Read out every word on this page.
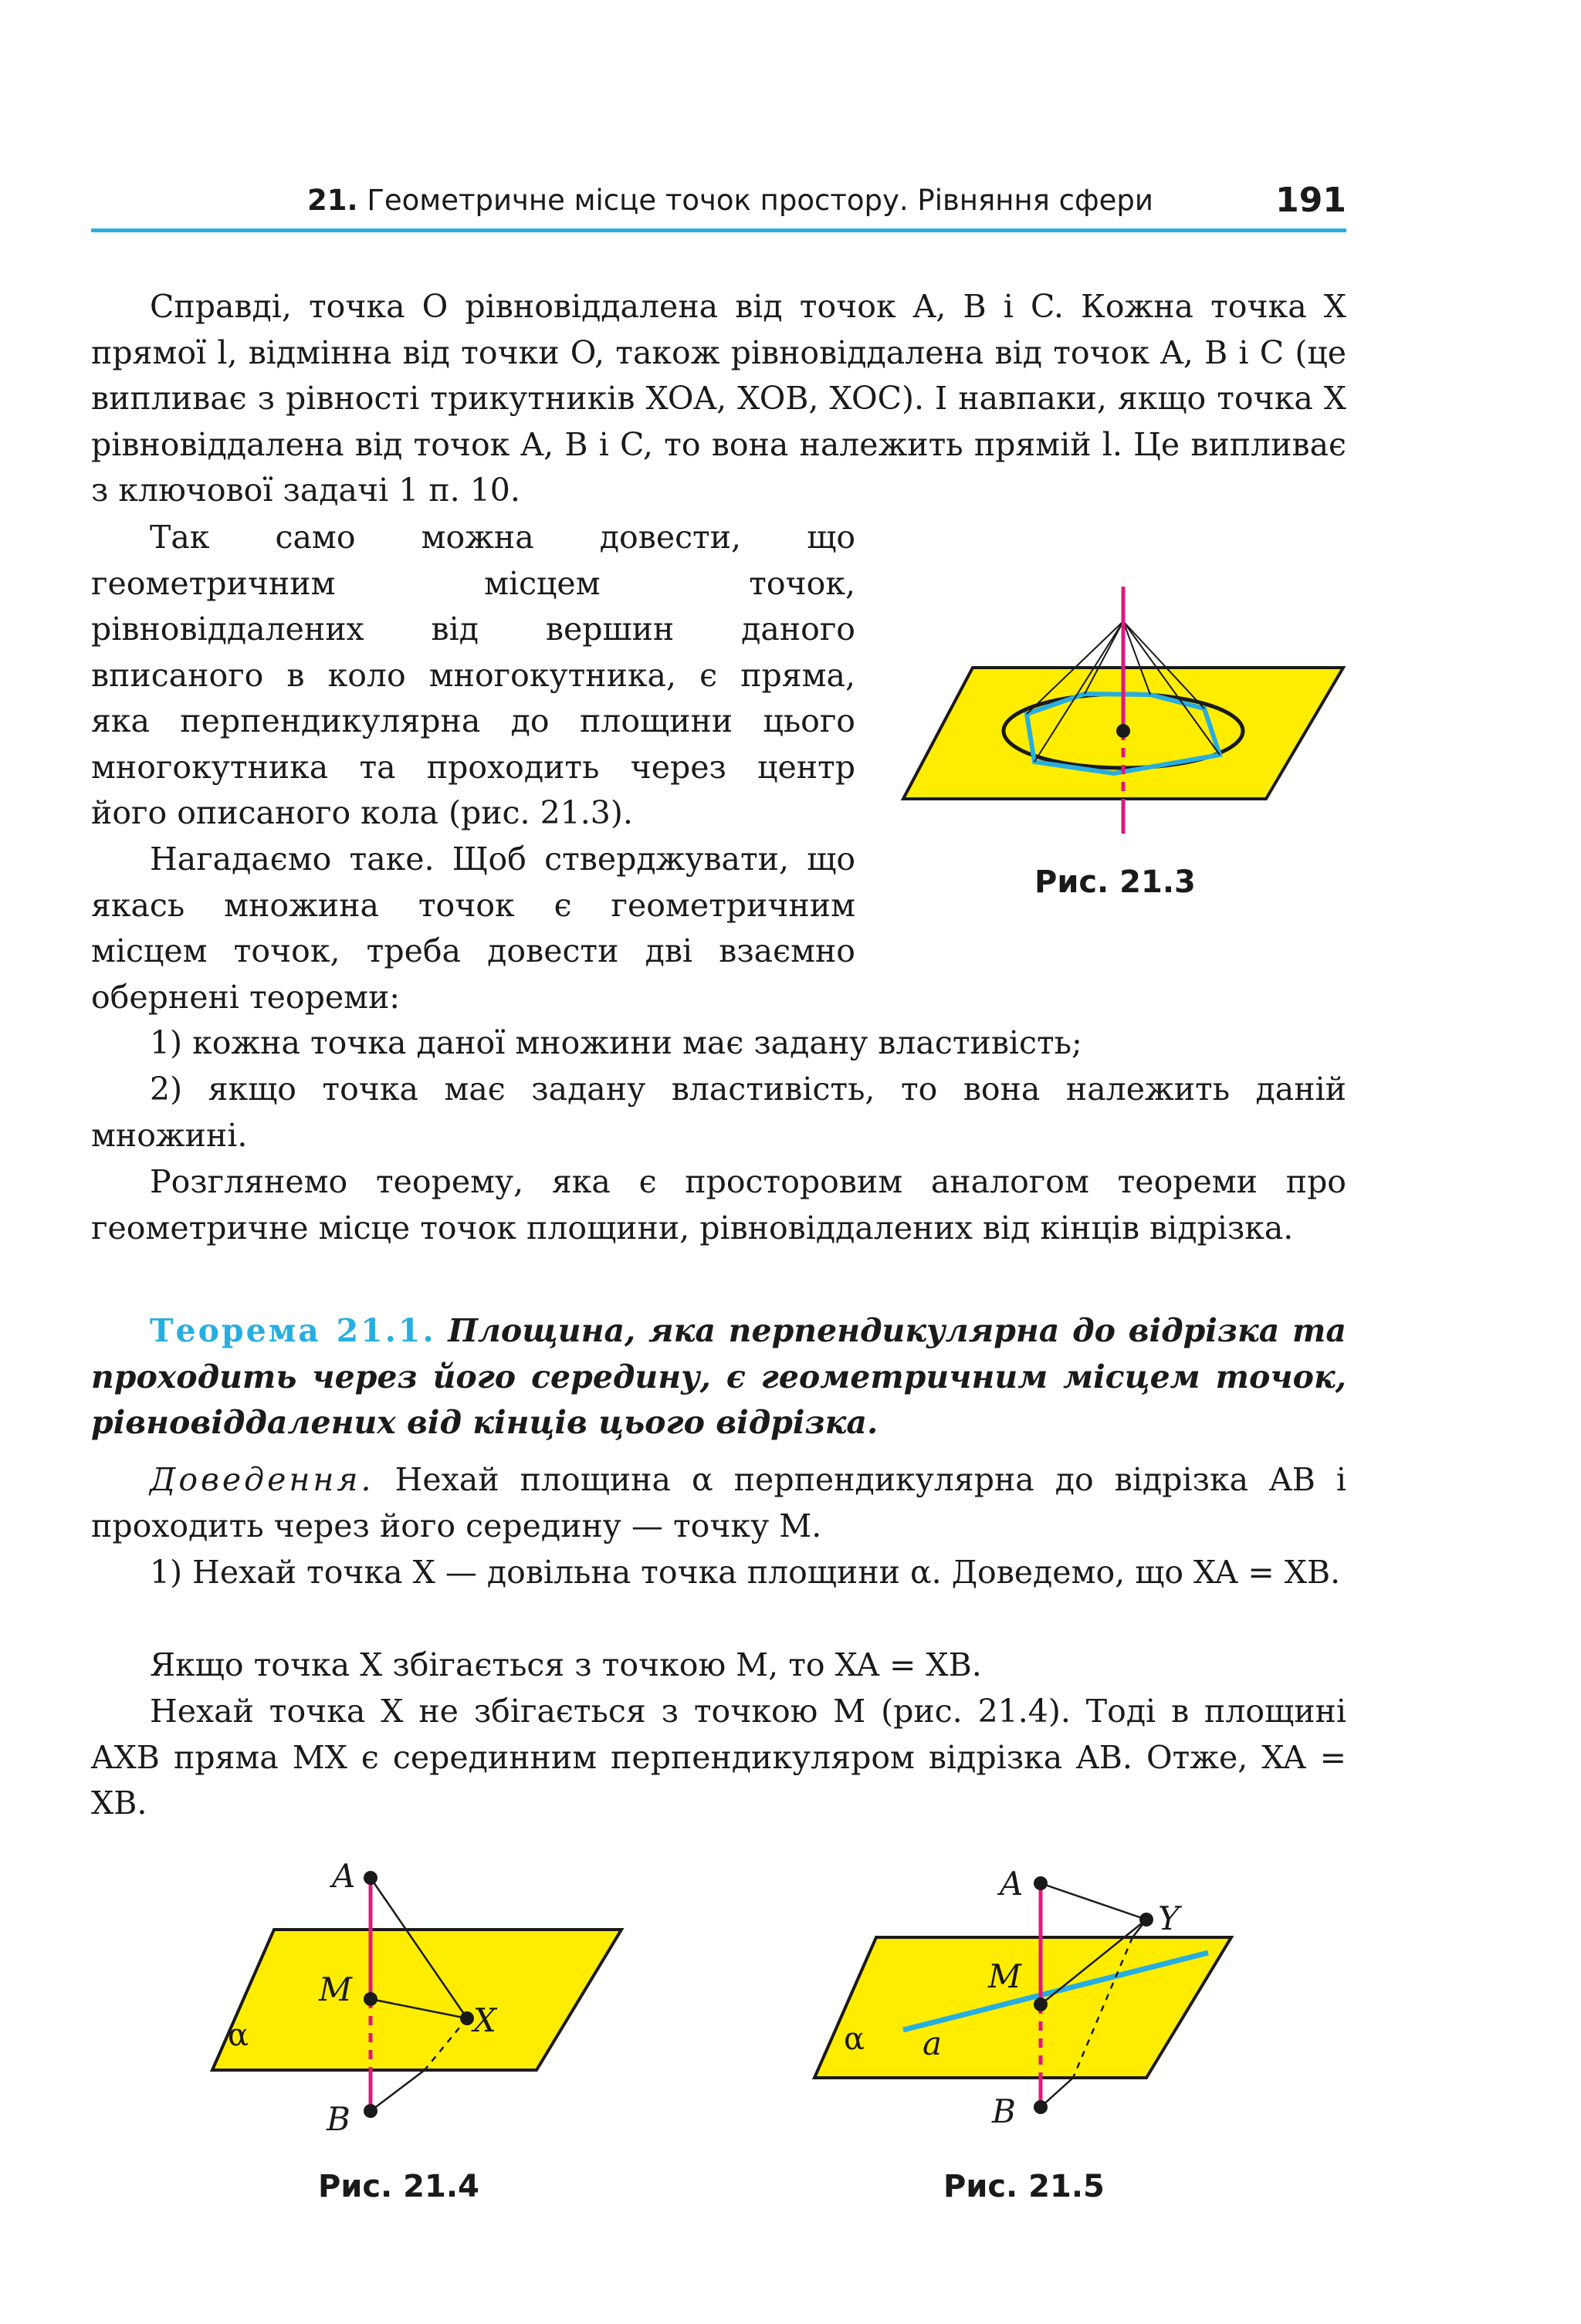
21. Геометричне місце точок простору. Рівняння сфери	191

Справді, точка O рівновіддалена від точок A, B і C. Кожна точка X прямої l, відмінна від точки O, також рівновіддалена від точок A, B і C (це випливає з рівності трикутників XOA, XOB, XOC). І навпаки, якщо точка X рівновіддалена від точок A, B і C, то вона належить прямій l. Це випливає з ключової задачі 1 п. 10.

Так само можна довести, що геометричним місцем точок, рівновіддалених від вершин даного вписаного в коло многокутника, є пряма, яка перпендикулярна до площини цього многокутника та проходить через центр його описаного кола (рис. 21.3).

Нагадаємо таке. Щоб стверджувати, що якась множина точок є геометричним місцем точок, треба довести дві взаємно обернені теореми:

1) кожна точка даної множини має задану властивість;

2) якщо точка має задану властивість, то вона належить даній множині.

Розглянемо теорему, яка є просторовим аналогом теореми про геометричне місце точок площини, рівновіддалених від кінців відрізка.

Теорема 21.1. Площина, яка перпендикулярна до відрізка та проходить через його середину, є геометричним місцем точок, рівновіддалених від кінців цього відрізка.

Доведення. Нехай площина α перпендикулярна до відрізка AB і проходить через його середину — точку M.

1) Нехай точка X — довільна точка площини α. Доведемо, що XA = XB.

Якщо точка X збігається з точкою M, то XA = XB.

Нехай точка X не збігається з точкою M (рис. 21.4). Тоді в площині AXB пряма MX є серединним перпендикуляром відрізка AB. Отже, XA = XB.

Рис. 21.3
A
M
X
B
α
Рис. 21.4
A
Y
M
B
α a
Рис. 21.5
